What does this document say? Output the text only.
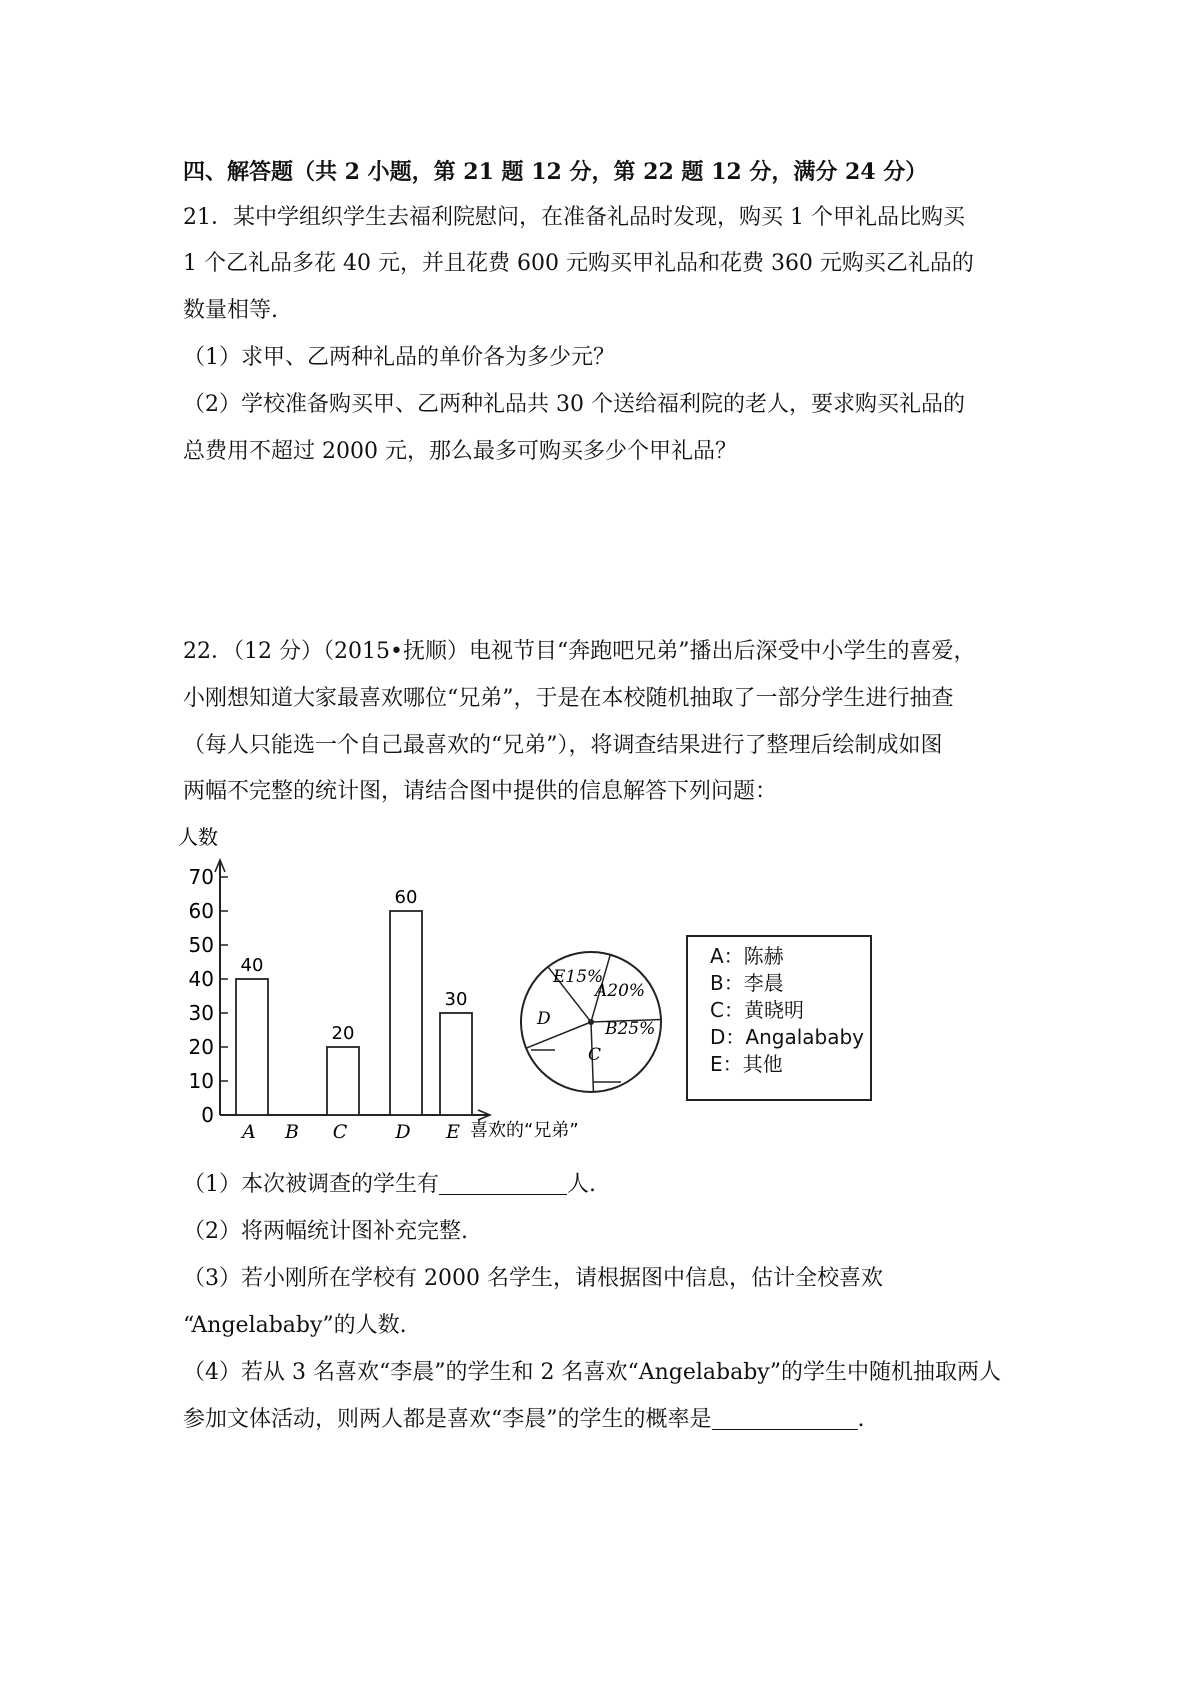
四、解答题（共 2 小题，第 21 题 12 分，第 22 题 12 分，满分 24 分）
21．某中学组织学生去福利院慰问，在准备礼品时发现，购买 1 个甲礼品比购买
1 个乙礼品多花 40 元，并且花费 600 元购买甲礼品和花费 360 元购买乙礼品的
数量相等.
（1）求甲、乙两种礼品的单价各为多少元？
（2）学校准备购买甲、乙两种礼品共 30 个送给福利院的老人，要求购买礼品的
总费用不超过 2000 元，那么最多可购买多少个甲礼品？
22．（12 分）（2015•抚顺）电视节目“奔跑吧兄弟”播出后深受中小学生的喜爱，
小刚想知道大家最喜欢哪位“兄弟”，于是在本校随机抽取了一部分学生进行抽查
（每人只能选一个自己最喜欢的“兄弟”），将调查结果进行了整理后绘制成如图
两幅不完整的统计图，请结合图中提供的信息解答下列问题：
人数
喜欢的“兄弟”
0
10
20
30
40
50
60
70
40
A B
20
C
60
D
30
E
E15%
A20%
B25%
C
D
A：陈赫
B：李晨
C：黄晓明
D：Angalababy
E：其他
（1）本次被调查的学生有	人.
（2）将两幅统计图补充完整.
（3）若小刚所在学校有 2000 名学生，请根据图中信息，估计全校喜欢
“Angelababy”的人数.
（4）若从 3 名喜欢“李晨”的学生和 2 名喜欢“Angelababy”的学生中随机抽取两人
参加文体活动，则两人都是喜欢“李晨”的学生的概率是	.
